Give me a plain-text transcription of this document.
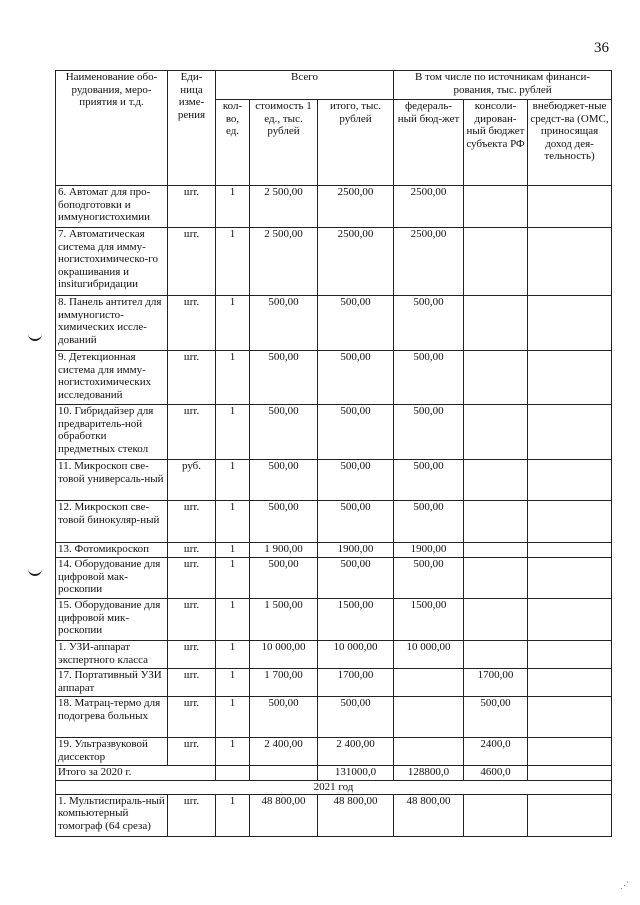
36
⋰
Наименование обо-рудования, меро-приятия и т.д.	Еди-ница изме-рения	Всего			В том числе по источникам финанси-рования, тыс. рублей		
		кол-во, ед.	стоимость 1 ед., тыс. рублей	итого, тыс. рублей	федераль-ный бюд-жет	консоли-дирован-ный бюджет субъекта РФ	внебюджет-ные средст-ва (ОМС, приносящая доход дея-тельность)
6. Автомат для про-боподготовки и иммуногистохимии	шт.	1	2 500,00	2500,00	2500,00		
7. Автоматическая система для имму-ногистохимическо-го окрашивания и insituгибридации	шт.	1	2 500,00	2500,00	2500,00		
8. Панель антител для иммуногисто-химических иссле-дований	шт.	1	500,00	500,00	500,00		
9. Детекционная система для имму-ногистохимических исследований	шт.	1	500,00	500,00	500,00		
10. Гибридайзер для предваритель-ной обработки предметных стекол	шт.	1	500,00	500,00	500,00		
11. Микроскоп све-товой универсаль-ный	руб.	1	500,00	500,00	500,00		
12. Микроскоп све-товой бинокуляр-ный	шт.	1	500,00	500,00	500,00		
13. Фотомикроскоп	шт.	1	1 900,00	1900,00	1900,00		
14. Оборудование для цифровой мак-роскопии	шт.	1	500,00	500,00	500,00		
15. Оборудование для цифровой мик-роскопии	шт.	1	1 500,00	1500,00	1500,00		
1. УЗИ-аппарат экспертного класса	шт.	1	10 000,00	10 000,00	10 000,00		
17. Портативный УЗИ аппарат	шт.	1	1 700,00	1700,00		1700,00	
18. Матрац-термо для подогрева больных	шт.	1	500,00	500,00		500,00	
19. Ультразвуковой диссектор	шт.	1	2 400,00	2 400,00		2400,0	
Итого за 2020 г.				131000,0	128800,0	4600,0	
2021 год							
1. Мультиспираль-ный компьютерный томограф (64 среза)	шт.	1	48 800,00	48 800,00	48 800,00		
